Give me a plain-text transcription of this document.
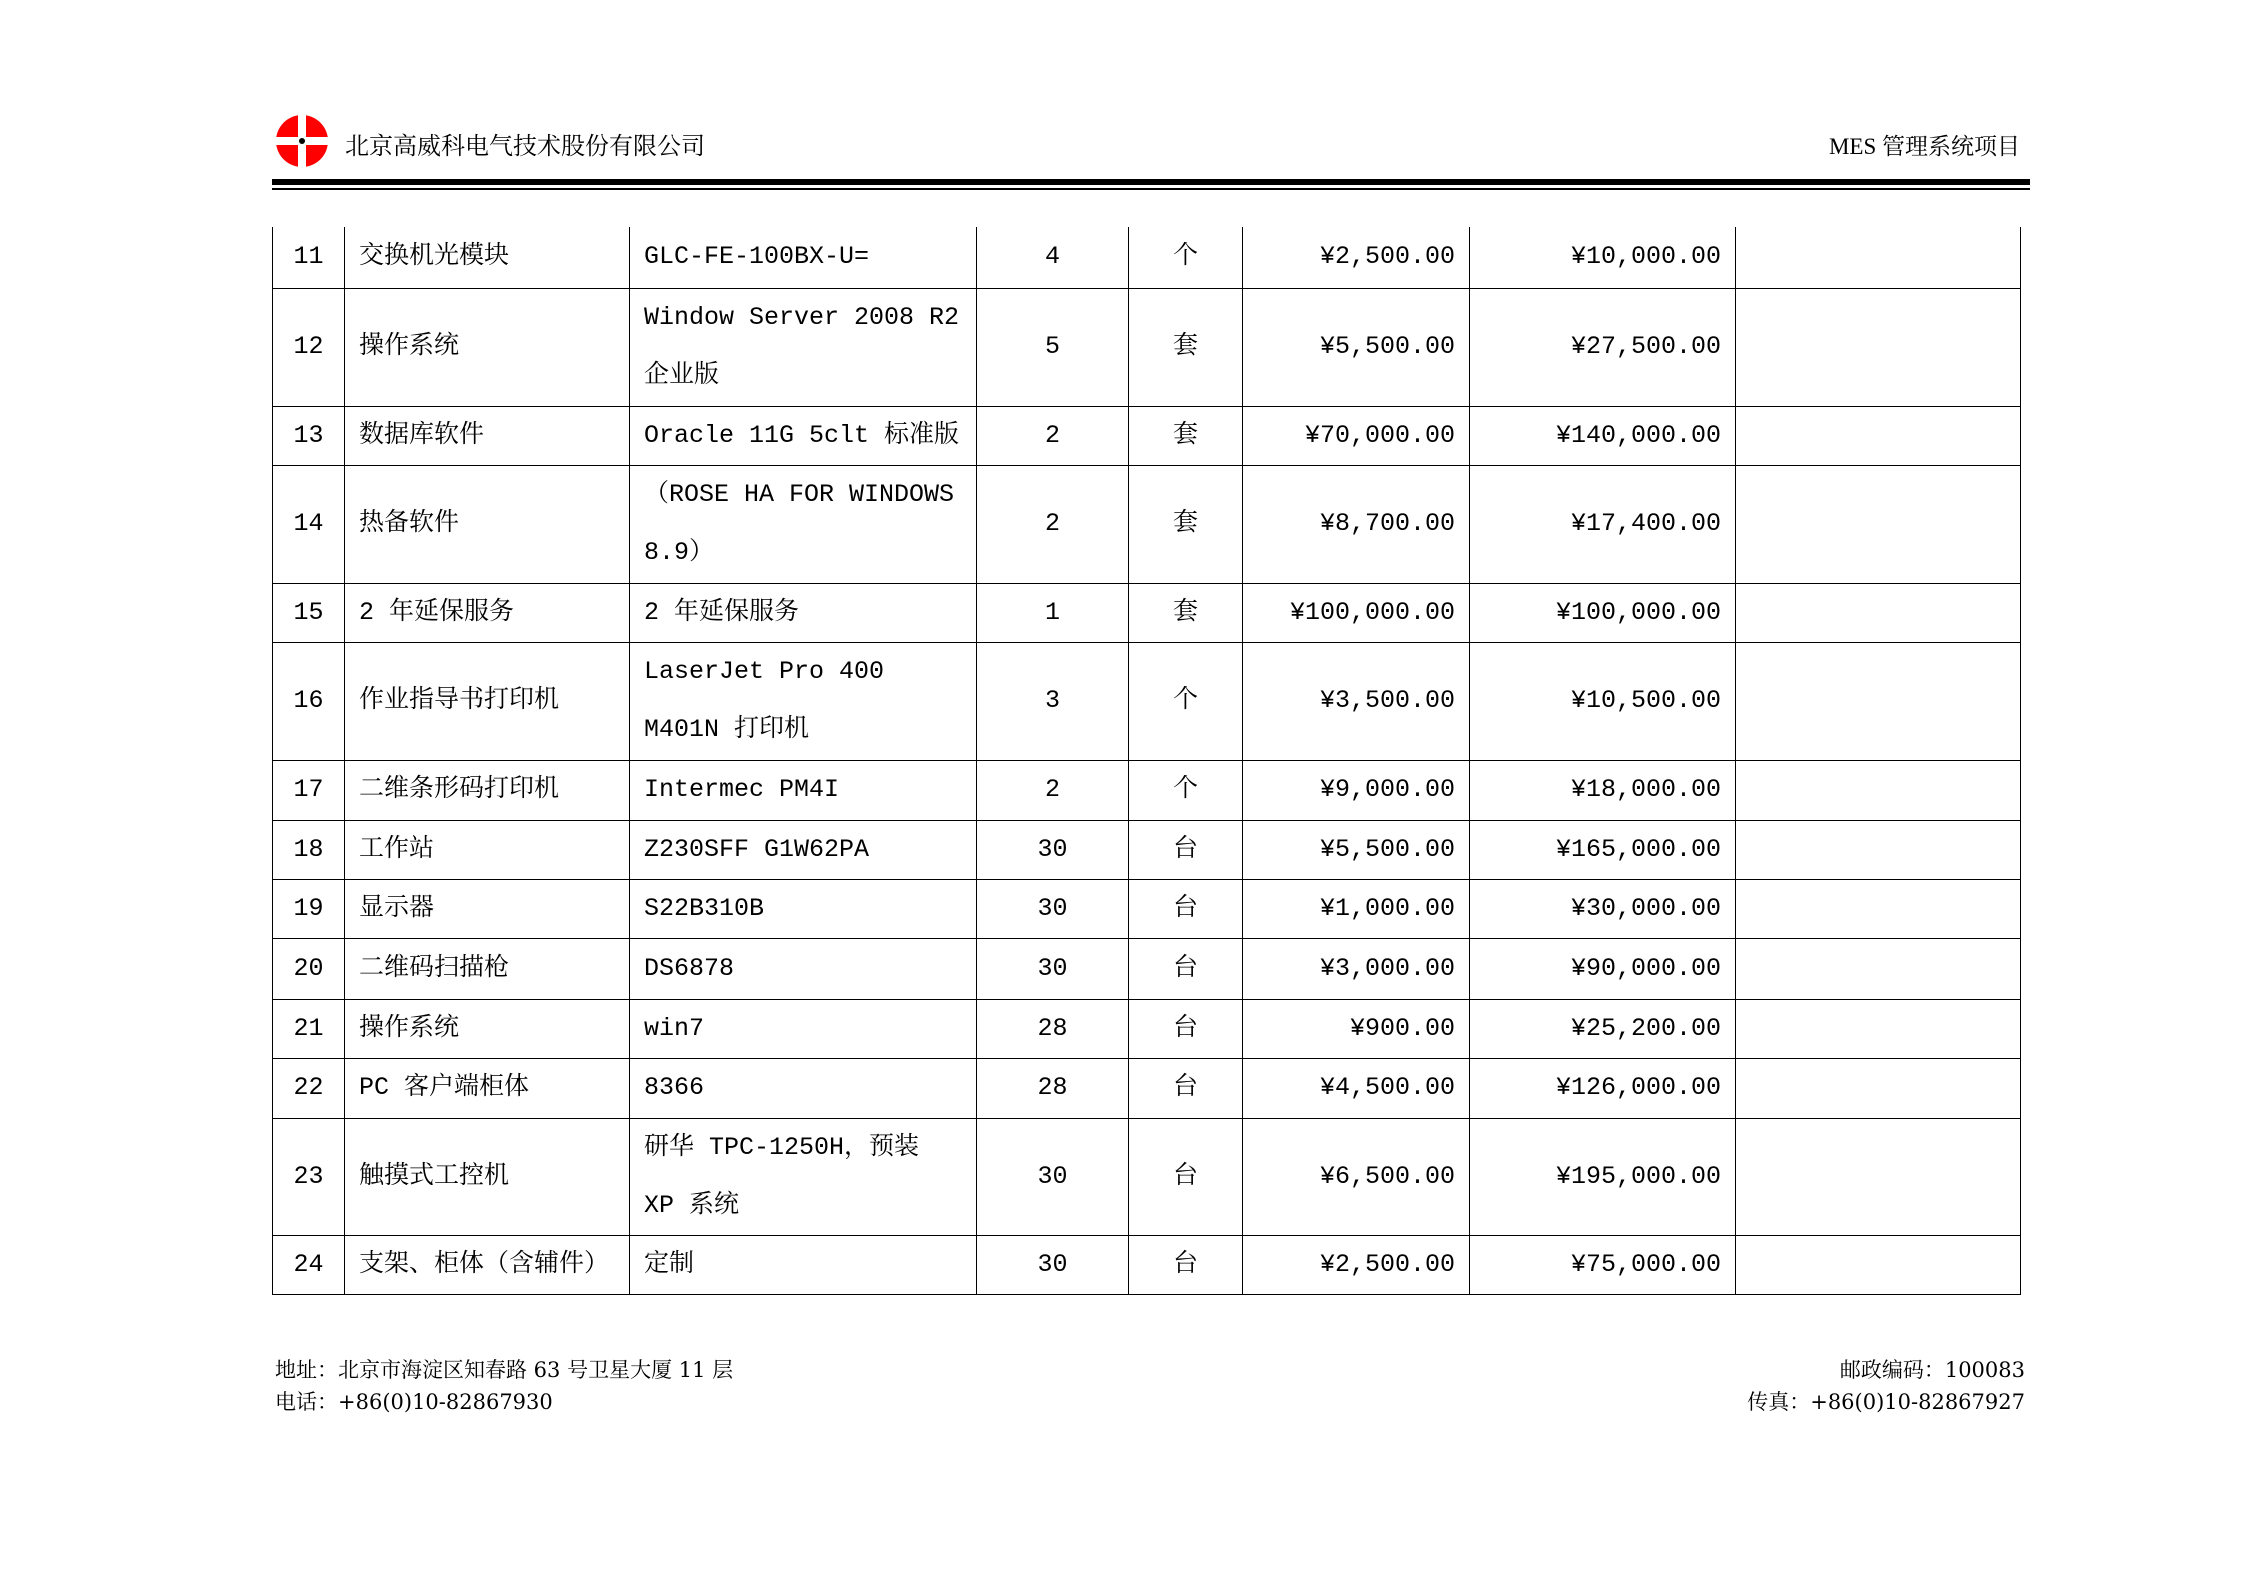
北京高威科电气技术股份有限公司	MES 管理系统项目
11	交换机光模块	GLC-FE-100BX-U=	4	个	¥2,500.00	¥10,000.00	
12	操作系统	Window Server 2008 R2 企业版	5	套	¥5,500.00	¥27,500.00	
13	数据库软件	Oracle 11G 5clt 标准版	2	套	¥70,000.00	¥140,000.00	
14	热备软件	（ROSE HA FOR WINDOWS 8.9）	2	套	¥8,700.00	¥17,400.00	
15	2 年延保服务	2 年延保服务	1	套	¥100,000.00	¥100,000.00	
16	作业指导书打印机	LaserJet Pro 400 M401N 打印机	3	个	¥3,500.00	¥10,500.00	
17	二维条形码打印机	Intermec PM4I	2	个	¥9,000.00	¥18,000.00	
18	工作站	Z230SFF G1W62PA	30	台	¥5,500.00	¥165,000.00	
19	显示器	S22B310B	30	台	¥1,000.00	¥30,000.00	
20	二维码扫描枪	DS6878	30	台	¥3,000.00	¥90,000.00	
21	操作系统	win7	28	台	¥900.00	¥25,200.00	
22	PC 客户端柜体	8366	28	台	¥4,500.00	¥126,000.00	
23	触摸式工控机	研华 TPC-1250H，预装 XP 系统	30	台	¥6,500.00	¥195,000.00	
24	支架、柜体（含辅件）	定制	30	台	¥2,500.00	¥75,000.00	
地址：北京市海淀区知春路 63 号卫星大厦 11 层
电话：+86(0)10-82867930
邮政编码：100083
传真：+86(0)10-82867927
